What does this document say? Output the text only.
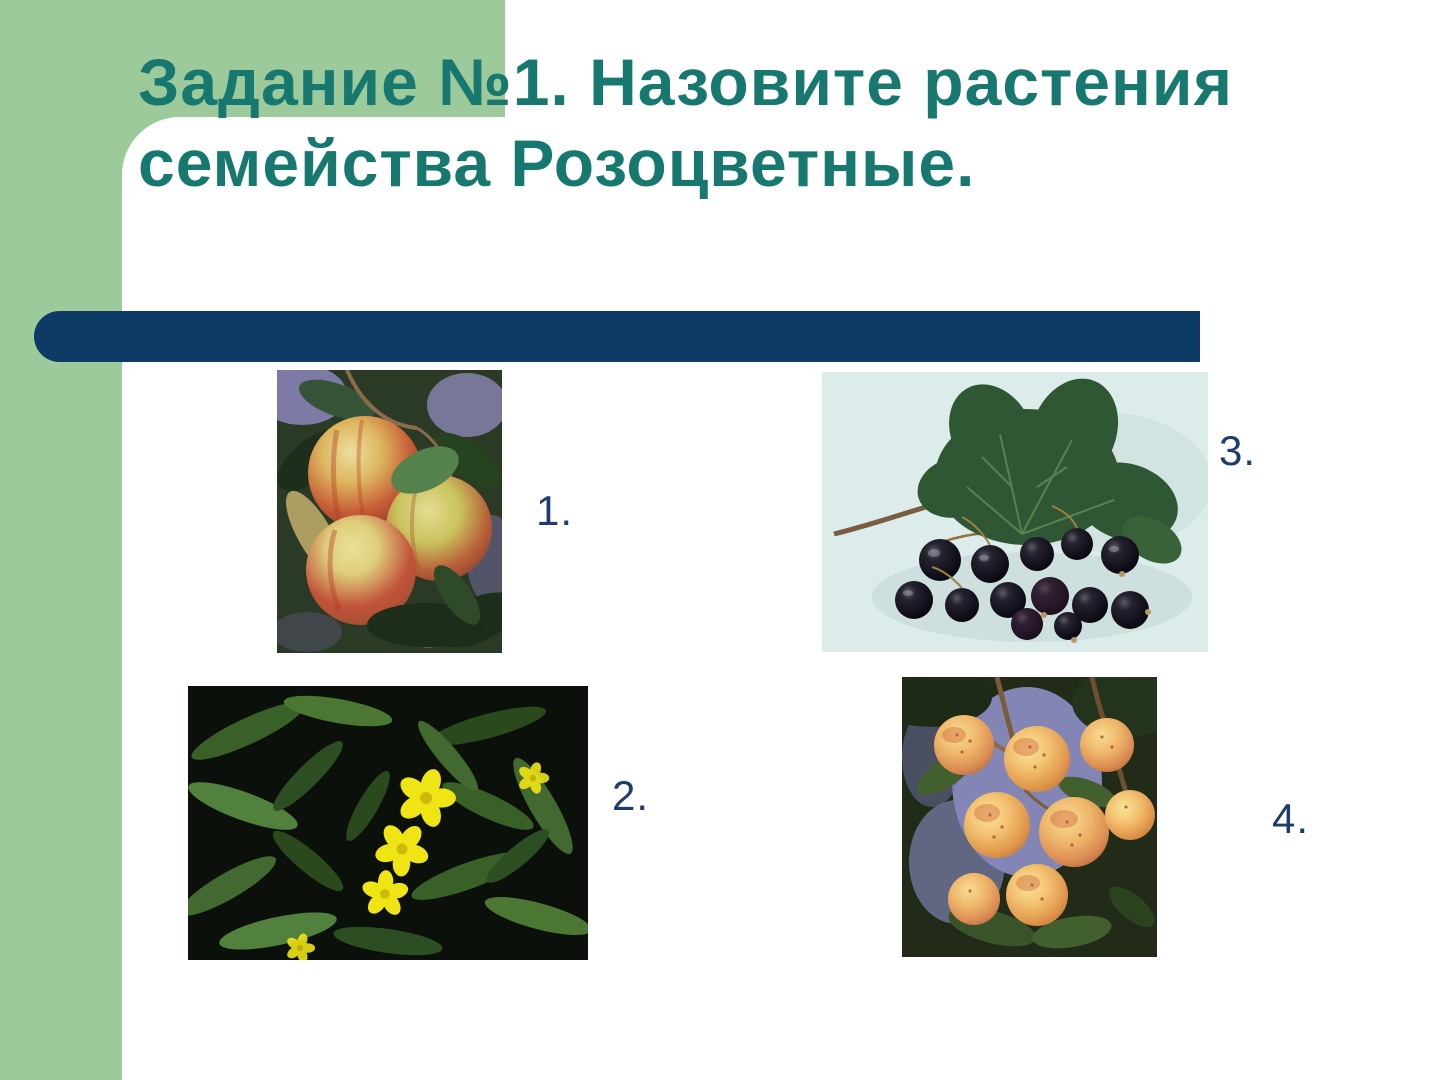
Задание №1. Назовите растения
семейства Розоцветные.
1.
2.
3.
4.
